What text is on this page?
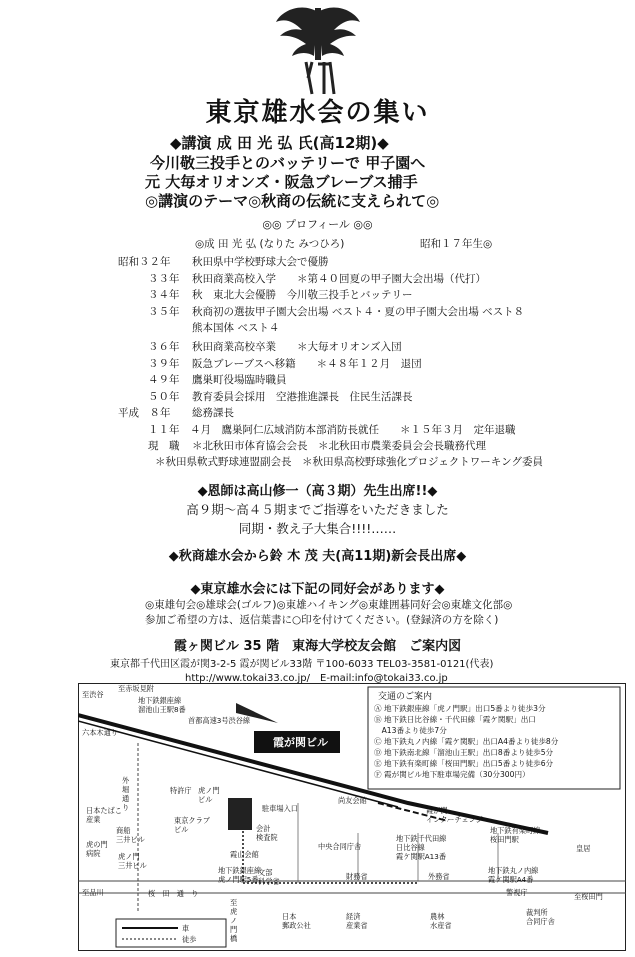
東京雄水会の集い
◆講演 成 田 光 弘 氏(高12期)◆
今川敬三投手とのバッテリーで 甲子園へ
元 大毎オリオンズ・阪急ブレーブス捕手
◎講演のテーマ◎秋商の伝統に支えられて◎
◎◎ プロフィール ◎◎
◎成 田 光 弘 (なりた みつひろ)	昭和１７年生◎
昭和３２年 秋田県中学校野球大会で優勝
３３年 秋田商業高校入学　　＊第４０回夏の甲子園大会出場（代打）
３４年 秋　東北大会優勝　今川敬三投手とバッテリー
３５年 秋商初の選抜甲子園大会出場 ベスト４・夏の甲子園大会出場 ベスト８
熊本国体 ベスト４
３６年 秋田商業高校卒業　　＊大毎オリオンズ入団
３９年 阪急ブレーブスへ移籍　　＊４８年１２月　退団
４９年 鷹巣町役場臨時職員
５０年 教育委員会採用　空港推進課長　住民生活課長
平成　８年 総務課長
１１年　４月　鷹巣阿仁広域消防本部消防長就任　　＊１５年３月　定年退職
現　職 ＊北秋田市体育協会会長　＊北秋田市農業委員会会長職務代理
＊秋田県軟式野球連盟副会長　＊秋田県高校野球強化プロジェクトワーキング委員
◆恩師は高山修一（高３期）先生出席!!◆
高９期～高４５期までご指導をいただきました
同期・教え子大集合!!!!……
◆秋商雄水会から鈴 木 茂 夫(高11期)新会長出席◆
◆東京雄水会には下記の同好会があります◆
◎東雄句会◎雄球会(ゴルフ)◎東雄ハイキング◎東雄囲碁同好会◎東雄文化部◎
参加ご希望の方は、返信葉書に○印を付けてください。(登録済の方を除く)
霞ヶ関ビル 35 階　東海大学校友会館　ご案内図
東京都千代田区霞が関3-2-5 霞が関ビル33階 〒100-6033 TEL03-3581-0121(代表)
http://www.tokai33.co.jp/　E-mail:info@tokai33.co.jp
交通のご案内
Ⓐ 地下鉄銀座線「虎ノ門駅」出口5番より徒歩3分
Ⓑ 地下鉄日比谷線・千代田線「霞ケ関駅」出口
　A13番より徒歩7分
Ⓒ 地下鉄丸ノ内線「霞ケ関駅」出口A4番より徒歩8分
Ⓓ 地下鉄南北線「溜池山王駅」出口8番より徒歩5分
Ⓔ 地下鉄有楽町線「桜田門駅」出口5番より徒歩6分
Ⓕ 霞が関ビル地下駐車場完備（30分300円）
霞が関ビル
至渋谷
至赤坂見附
六本木通り
地下鉄銀座線
溜池山王駅8番
首都高速3号渋谷線
特許庁 虎ノ門
ビル
外
堀
通
り
日本たばこ
産業	東京クラブ
ビル
尚友会館
霞が関
インターチェンジ
会計
検査院
中央合同庁舎
霞山会館
虎の門
病院
商船
三井ビル
虎ノ門
三井ビル
地下鉄千代田線
日比谷線
霞ケ関駅A13番
地下鉄有楽町線
桜田門駅
財務省	外務省
地下鉄銀座線
虎ノ門駅5番
文部
科学省
地下鉄丸ノ内線
霞ケ関駅A4番
警視庁
皇居
至品川	桜　田　通　り	至桜田門
至
虎
ノ
門
橋
日本
郵政公社
経済
産業省
農林
水産省
裁判所
合同庁舎
車
徒歩
駐車場入口
